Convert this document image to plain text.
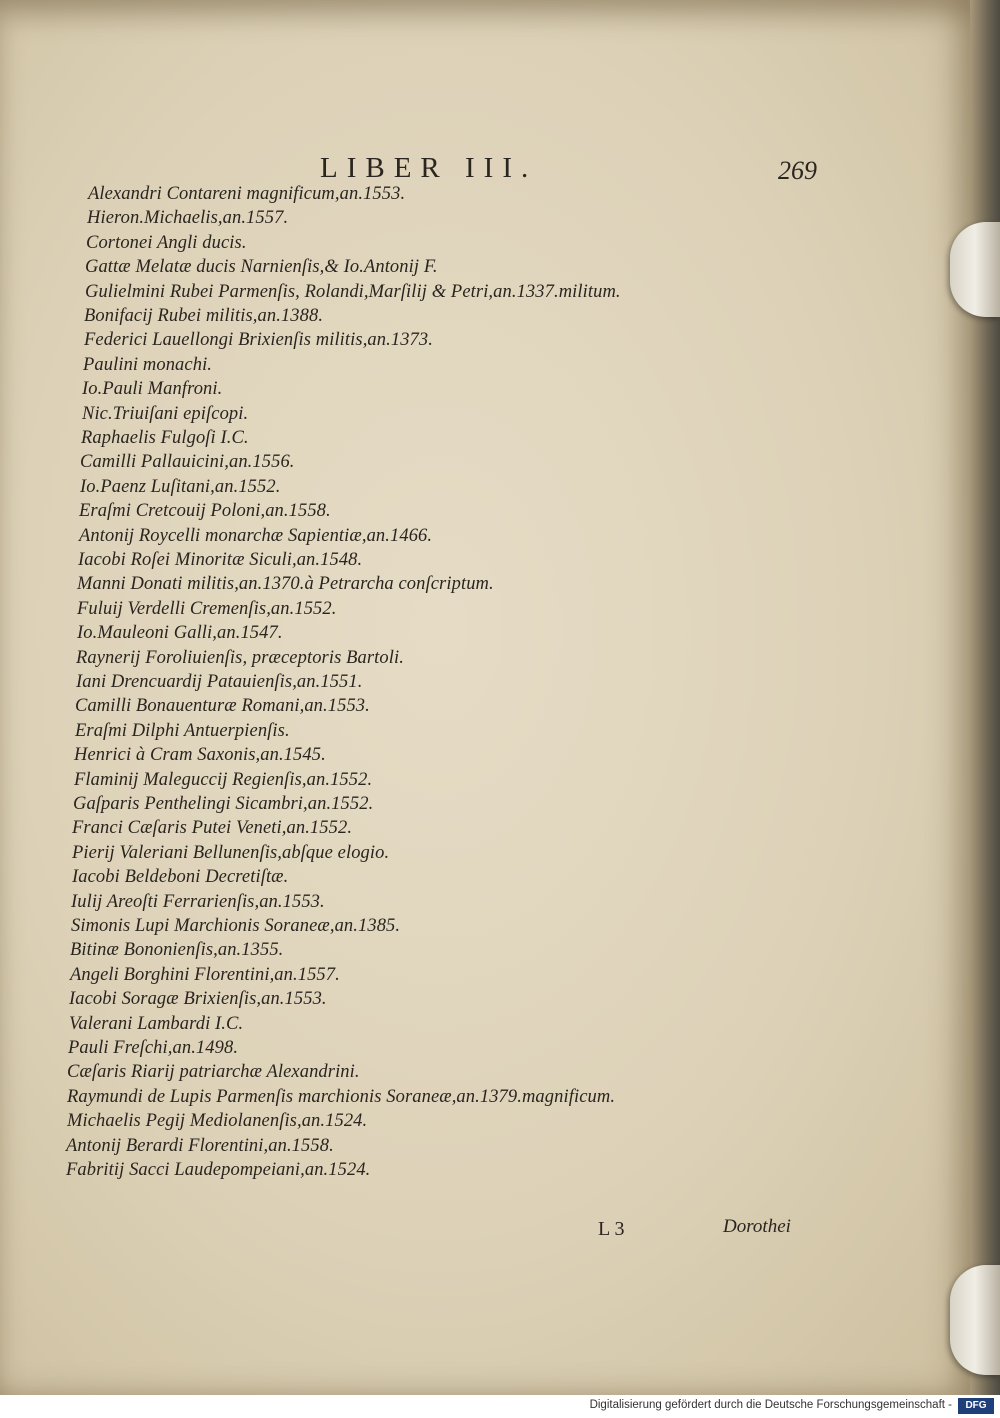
LIBER III.	269
Alexandri Contareni magnificum,an.1553.
Hieron.Michaelis,an.1557.
Cortonei Angli ducis.
Gattæ Melatæ ducis Narnienſis,& Io.Antonij F.
Gulielmini Rubei Parmenſis, Rolandi,Marſilij & Petri,an.1337.militum.
Bonifacij Rubei militis,an.1388.
Federici Lauellongi Brixienſis militis,an.1373.
Paulini monachi.
Io.Pauli Manfroni.
Nic.Triuiſani epiſcopi.
Raphaelis Fulgoſi I.C.
Camilli Pallauicini,an.1556.
Io.Paenz Luſitani,an.1552.
Eraſmi Cretcouij Poloni,an.1558.
Antonij Roycelli monarchæ Sapientiæ,an.1466.
Iacobi Roſei Minoritæ Siculi,an.1548.
Manni Donati militis,an.1370.à Petrarcha conſcriptum.
Fuluij Verdelli Cremenſis,an.1552.
Io.Mauleoni Galli,an.1547.
Raynerij Foroliuienſis, præceptoris Bartoli.
Iani Drencuardij Patauienſis,an.1551.
Camilli Bonauenturæ Romani,an.1553.
Eraſmi Dilphi Antuerpienſis.
Henrici à Cram Saxonis,an.1545.
Flaminij Maleguccij Regienſis,an.1552.
Gaſparis Penthelingi Sicambri,an.1552.
Franci Cæſaris Putei Veneti,an.1552.
Pierij Valeriani Bellunenſis,abſque elogio.
Iacobi Beldeboni Decretiſtæ.
Iulij Areoſti Ferrarienſis,an.1553.
Simonis Lupi Marchionis Soraneæ,an.1385.
Bitinæ Bononienſis,an.1355.
Angeli Borghini Florentini,an.1557.
Iacobi Soragæ Brixienſis,an.1553.
Valerani Lambardi I.C.
Pauli Freſchi,an.1498.
Cæſaris Riarij patriarchæ Alexandrini.
Raymundi de Lupis Parmenſis marchionis Soraneæ,an.1379.magnificum.
Michaelis Pegij Mediolanenſis,an.1524.
Antonij Berardi Florentini,an.1558.
Fabritij Sacci Laudepompeiani,an.1524.
L 3	Dorothei
Digitalisierung gefördert durch die Deutsche Forschungsgemeinschaft -	DFG
